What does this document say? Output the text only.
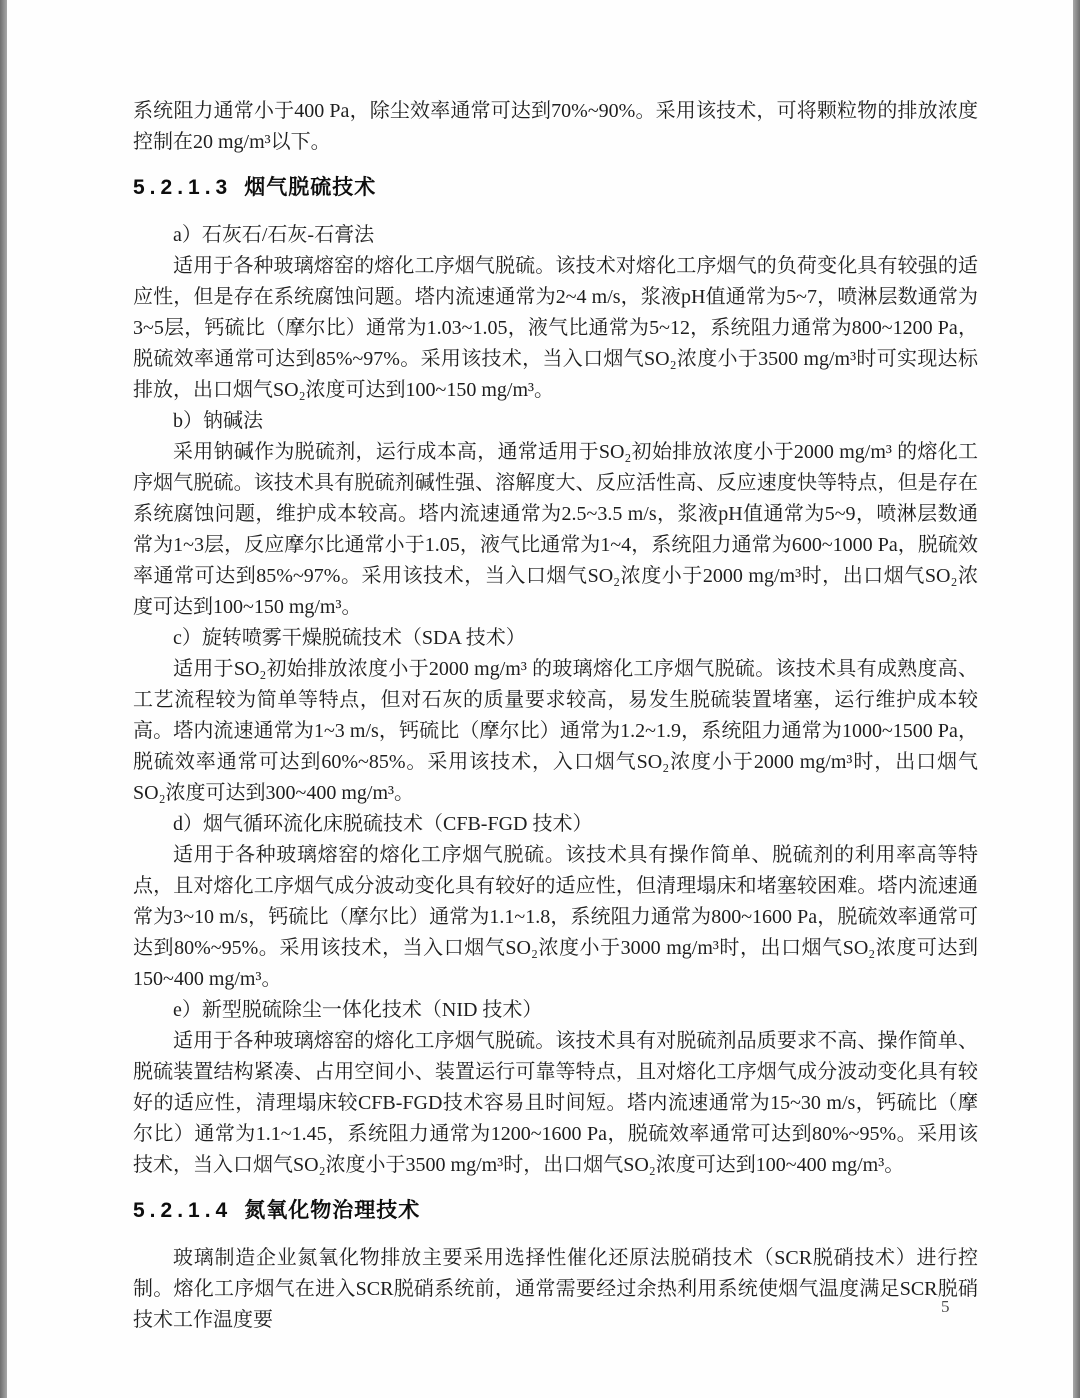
系统阻力通常小于400 Pa，除尘效率通常可达到70%~90%。采用该技术，可将颗粒物的排放浓度控制在20 mg/m³以下。

5.2.1.3 烟气脱硫技术

a）石灰石/石灰-石膏法

适用于各种玻璃熔窑的熔化工序烟气脱硫。该技术对熔化工序烟气的负荷变化具有较强的适应性，但是存在系统腐蚀问题。塔内流速通常为2~4 m/s，浆液pH值通常为5~7，喷淋层数通常为3~5层，钙硫比（摩尔比）通常为1.03~1.05，液气比通常为5~12，系统阻力通常为800~1200 Pa，脱硫效率通常可达到85%~97%。采用该技术，当入口烟气SO₂浓度小于3500 mg/m³时可实现达标排放，出口烟气SO₂浓度可达到100~150 mg/m³。

b）钠碱法

采用钠碱作为脱硫剂，运行成本高，通常适用于SO₂初始排放浓度小于2000 mg/m³ 的熔化工序烟气脱硫。该技术具有脱硫剂碱性强、溶解度大、反应活性高、反应速度快等特点，但是存在系统腐蚀问题，维护成本较高。塔内流速通常为2.5~3.5 m/s，浆液pH值通常为5~9，喷淋层数通常为1~3层，反应摩尔比通常小于1.05，液气比通常为1~4，系统阻力通常为600~1000 Pa，脱硫效率通常可达到85%~97%。采用该技术，当入口烟气SO₂浓度小于2000 mg/m³时，出口烟气SO₂浓度可达到100~150 mg/m³。

c）旋转喷雾干燥脱硫技术（SDA 技术）

适用于SO₂初始排放浓度小于2000 mg/m³ 的玻璃熔化工序烟气脱硫。该技术具有成熟度高、工艺流程较为简单等特点，但对石灰的质量要求较高，易发生脱硫装置堵塞，运行维护成本较高。塔内流速通常为1~3 m/s，钙硫比（摩尔比）通常为1.2~1.9，系统阻力通常为1000~1500 Pa，脱硫效率通常可达到60%~85%。采用该技术，入口烟气SO₂浓度小于2000 mg/m³时，出口烟气SO₂浓度可达到300~400 mg/m³。

d）烟气循环流化床脱硫技术（CFB-FGD 技术）

适用于各种玻璃熔窑的熔化工序烟气脱硫。该技术具有操作简单、脱硫剂的利用率高等特点，且对熔化工序烟气成分波动变化具有较好的适应性，但清理塌床和堵塞较困难。塔内流速通常为3~10 m/s，钙硫比（摩尔比）通常为1.1~1.8，系统阻力通常为800~1600 Pa，脱硫效率通常可达到80%~95%。采用该技术，当入口烟气SO₂浓度小于3000 mg/m³时，出口烟气SO₂浓度可达到150~400 mg/m³。

e）新型脱硫除尘一体化技术（NID 技术）

适用于各种玻璃熔窑的熔化工序烟气脱硫。该技术具有对脱硫剂品质要求不高、操作简单、脱硫装置结构紧凑、占用空间小、装置运行可靠等特点，且对熔化工序烟气成分波动变化具有较好的适应性，清理塌床较CFB-FGD技术容易且时间短。塔内流速通常为15~30 m/s，钙硫比（摩尔比）通常为1.1~1.45，系统阻力通常为1200~1600 Pa，脱硫效率通常可达到80%~95%。采用该技术，当入口烟气SO₂浓度小于3500 mg/m³时，出口烟气SO₂浓度可达到100~400 mg/m³。

5.2.1.4 氮氧化物治理技术

玻璃制造企业氮氧化物排放主要采用选择性催化还原法脱硝技术（SCR脱硝技术）进行控制。熔化工序烟气在进入SCR脱硝系统前，通常需要经过余热利用系统使烟气温度满足SCR脱硝技术工作温度要

5
